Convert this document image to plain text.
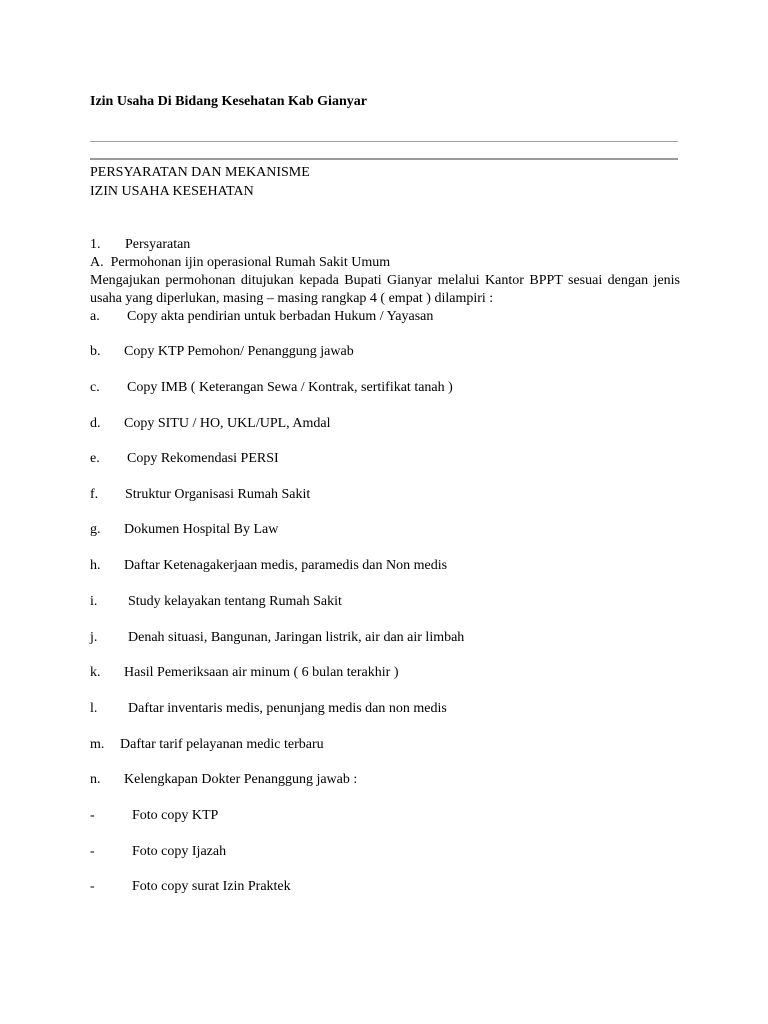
Izin Usaha Di Bidang Kesehatan Kab Gianyar
PERSYARATAN DAN MEKANISME
IZIN USAHA KESEHATAN
1. Persyaratan
A.  Permohonan ijin operasional Rumah Sakit Umum
Mengajukan permohonan ditujukan kepada Bupati Gianyar melalui Kantor BPPT sesuai dengan jenis usaha yang diperlukan, masing – masing rangkap 4 ( empat ) dilampiri :
a. Copy akta pendirian untuk berbadan Hukum / Yayasan
b. Copy KTP Pemohon/ Penanggung jawab
c. Copy IMB ( Keterangan Sewa / Kontrak, sertifikat tanah )
d. Copy SITU / HO, UKL/UPL, Amdal
e. Copy Rekomendasi PERSI
f. Struktur Organisasi Rumah Sakit
g. Dokumen Hospital By Law
h. Daftar Ketenagakerjaan medis, paramedis dan Non medis
i. Study kelayakan tentang Rumah Sakit
j. Denah situasi, Bangunan, Jaringan listrik, air dan air limbah
k. Hasil Pemeriksaan air minum ( 6 bulan terakhir )
l. Daftar inventaris medis, penunjang medis dan non medis
m. Daftar tarif pelayanan medic terbaru
n. Kelengkapan Dokter Penanggung jawab :
-	Foto copy KTP
-	Foto copy Ijazah
-	Foto copy surat Izin Praktek
